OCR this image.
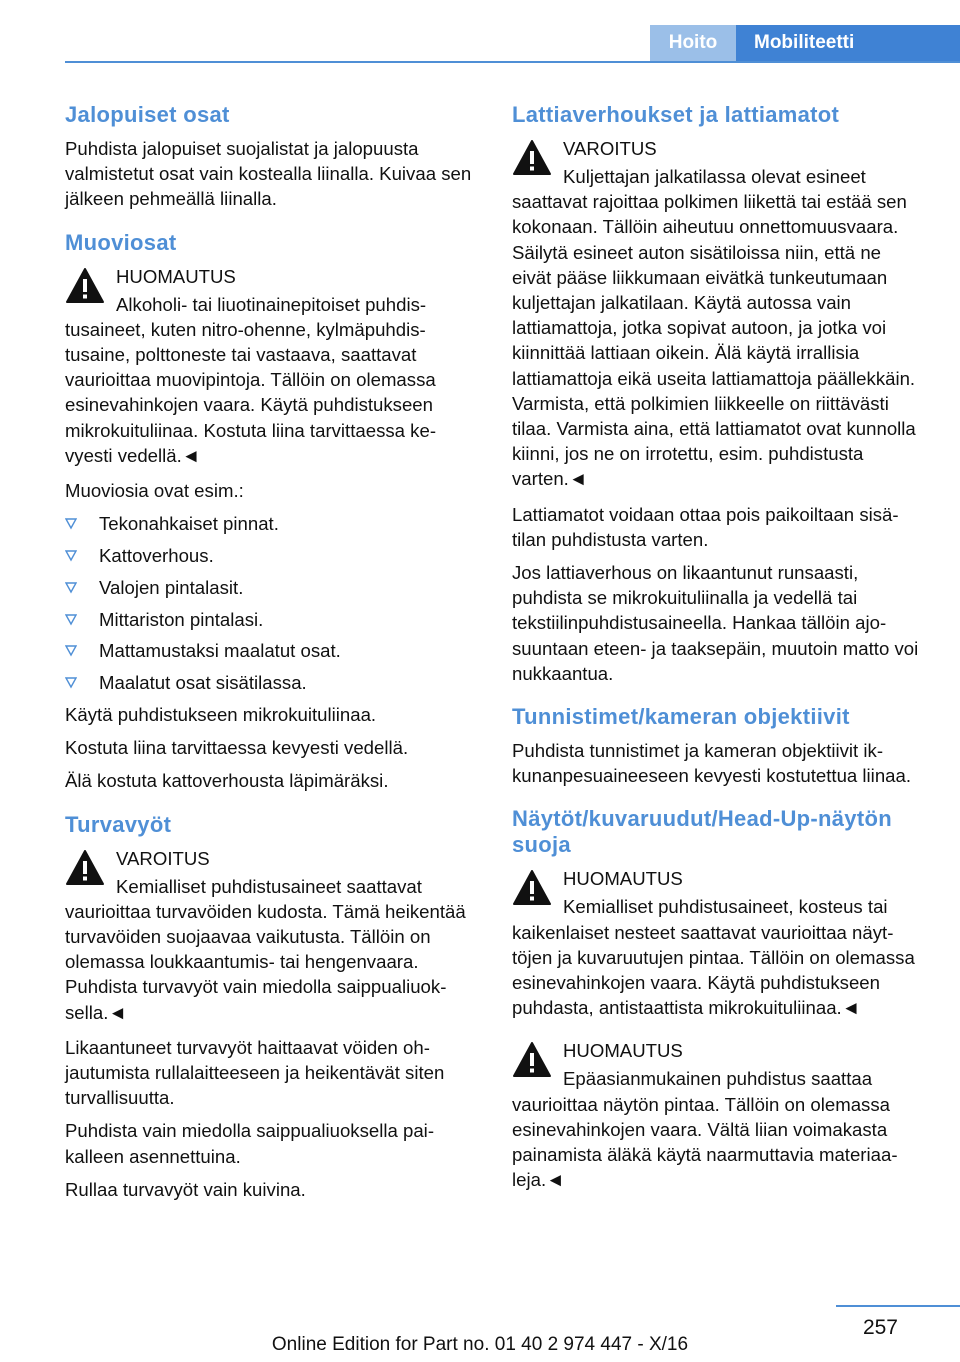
Hoito	Mobiliteetti
Jalopuiset osat

Puhdista jalopuiset suojalistat ja jalopuusta valmistetut osat vain kostealla liinalla. Kuivaa sen jälkeen pehmeällä liinalla.

Muoviosat
HUOMAUTUS

Alkoholi- tai liuotinainepitoiset puhdistusaineet, kuten nitro-ohenne, kylmäpuhdistusaine, polttoneste tai vastaava, saattavat vaurioittaa muovipintoja. Tällöin on olemassa esinevahinkojen vaara. Käytä puhdistukseen mikrokuituliinaa. Kostuta liina tarvittaessa kevyesti vedellä.◄

Muoviosia ovat esim.:

Tekonahkaiset pinnat.
Kattoverhous.
Valojen pintalasit.
Mittariston pintalasi.
Mattamustaksi maalatut osat.
Maalatut osat sisätilassa.

Käytä puhdistukseen mikrokuituliinaa.

Kostuta liina tarvittaessa kevyesti vedellä.

Älä kostuta kattoverhousta läpimäräksi.

Turvavyöt
VAROITUS

Kemialliset puhdistusaineet saattavat vaurioittaa turvavöiden kudosta. Tämä heikentää turvavöiden suojaavaa vaikutusta. Tällöin on olemassa loukkaantumis- tai hengenvaara. Puhdista turvavyöt vain miedolla saippualiuoksella.◄

Likaantuneet turvavyöt haittaavat vöiden ohjautumista rullalaitteeseen ja heikentävät siten turvallisuutta.

Puhdista vain miedolla saippualiuoksella paikalleen asennettuina.

Rullaa turvavyöt vain kuivina.

Lattiaverhoukset ja lattiamatot
VAROITUS

Kuljettajan jalkatilassa olevat esineet saattavat rajoittaa polkimen liikettä tai estää sen kokonaan. Tällöin aiheutuu onnettomuusvaara. Säilytä esineet auton sisätiloissa niin, että ne eivät pääse liikkumaan eivätkä tunkeutumaan kuljettajan jalkatilaan. Käytä autossa vain lattiamattoja, jotka sopivat autoon, ja jotka voi kiinnittää lattiaan oikein. Älä käytä irrallisia lattiamattoja eikä useita lattiamattoja päällekkäin. Varmista, että polkimien liikkeelle on riittävästi tilaa. Varmista aina, että lattiamatot ovat kunnolla kiinni, jos ne on irrotettu, esim. puhdistusta varten.◄

Lattiamatot voidaan ottaa pois paikoiltaan sisätilan puhdistusta varten.

Jos lattiaverhous on likaantunut runsaasti, puhdista se mikrokuituliinalla ja vedellä tai tekstiilinpuhdistusaineella. Hankaa tällöin ajosuuntaan eteen- ja taaksepäin, muutoin matto voi nukkaantua.

Tunnistimet/kameran objektiivit

Puhdista tunnistimet ja kameran objektiivit ikkunanpesuaineeseen kevyesti kostutettua liinaa.

Näytöt/kuvaruudut/Head-Up-näytön suoja
HUOMAUTUS

Kemialliset puhdistusaineet, kosteus tai kaikenlaiset nesteet saattavat vaurioittaa näyttöjen ja kuvaruutujen pintaa. Tällöin on olemassa esinevahinkojen vaara. Käytä puhdistukseen puhdasta, antistaattista mikrokuituliinaa.◄

HUOMAUTUS

Epäasianmukainen puhdistus saattaa vaurioittaa näytön pintaa. Tällöin on olemassa esinevahinkojen vaara. Vältä liian voimakasta painamista äläkä käytä naarmuttavia materiaaleja.◄

257
Online Edition for Part no. 01 40 2 974 447 - X/16
